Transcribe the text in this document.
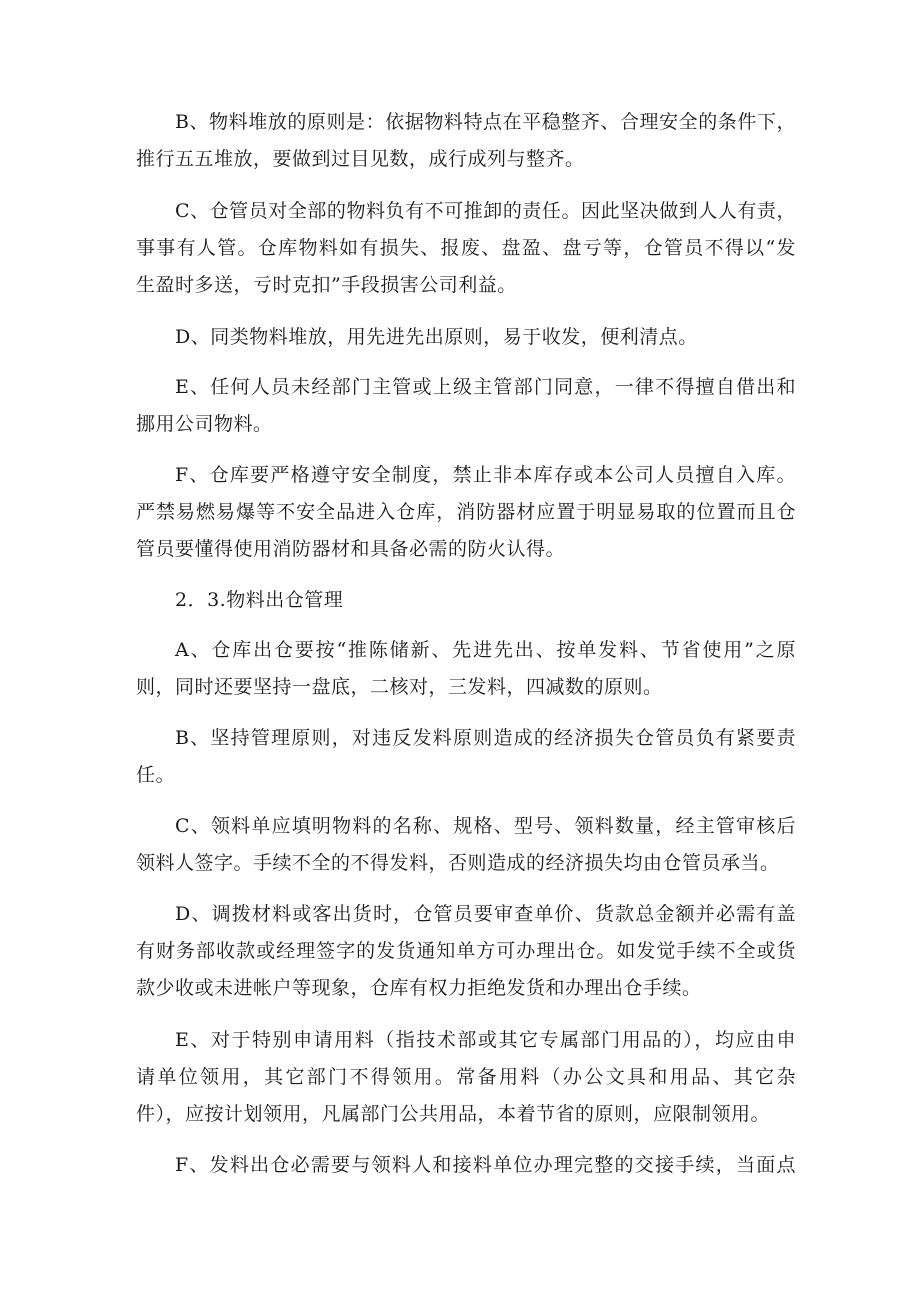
B、物料堆放的原则是：依据物料特点在平稳整齐、合理安全的条件下，
推行五五堆放，要做到过目见数，成行成列与整齐。
C、仓管员对全部的物料负有不可推卸的责任。因此坚决做到人人有责，
事事有人管。仓库物料如有损失、报废、盘盈、盘亏等，仓管员不得以“发
生盈时多送，亏时克扣”手段损害公司利益。
D、同类物料堆放，用先进先出原则，易于收发，便利清点。
E、任何人员未经部门主管或上级主管部门同意，一律不得擅自借出和
挪用公司物料。
F、仓库要严格遵守安全制度，禁止非本库存或本公司人员擅自入库。
严禁易燃易爆等不安全品进入仓库，消防器材应置于明显易取的位置而且仓
管员要懂得使用消防器材和具备必需的防火认得。
2．3.物料出仓管理
A、仓库出仓要按“推陈储新、先进先出、按单发料、节省使用”之原
则，同时还要坚持一盘底，二核对，三发料，四减数的原则。
B、坚持管理原则，对违反发料原则造成的经济损失仓管员负有紧要责
任。
C、领料单应填明物料的名称、规格、型号、领料数量，经主管审核后
领料人签字。手续不全的不得发料，否则造成的经济损失均由仓管员承当。
D、调拨材料或客出货时，仓管员要审查单价、货款总金额并必需有盖
有财务部收款或经理签字的发货通知单方可办理出仓。如发觉手续不全或货
款少收或未进帐户等现象，仓库有权力拒绝发货和办理出仓手续。
E、对于特别申请用料（指技术部或其它专属部门用品的），均应由申
请单位领用，其它部门不得领用。常备用料（办公文具和用品、其它杂
件），应按计划领用，凡属部门公共用品，本着节省的原则，应限制领用。
F、发料出仓必需要与领料人和接料单位办理完整的交接手续，当面点
